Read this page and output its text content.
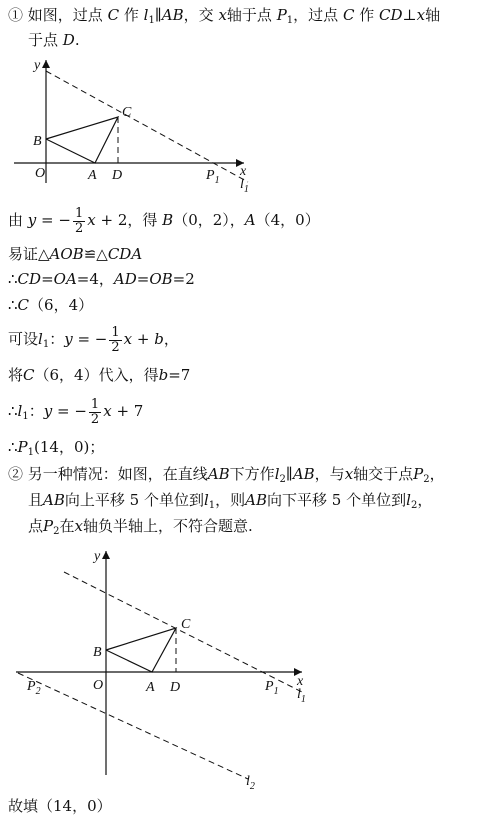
① 如图，过点 C 作 $l_1\parallel AB$，交 x轴于点 $P_1$，过点 C 作 CD⊥x轴
于点 D.
y
B
C
O	A D	$P_1$
x
$l_1$
由 y = − $\frac{1}{2}$ x + 2，得 B（0，2），A（4，0）
易证△AOB≌△CDA
∴CD=OA=4，AD=OB=2
∴C（6，4）
可设$l_1$：y = − $\frac{1}{2}$ x + b，
将C（6，4）代入，得b=7
$\therefore l_1$：y = − $\frac{1}{2}$ x + 7
$\therefore P_1(14$，0)；
② 另一种情况：如图，在直线AB下方作$l_2\parallel AB$，与x轴交于点$P_2$，
且AB向上平移 5 个单位到$l_1$，则AB向下平移 5 个单位到$l_2$，
点$P_2$在x轴负半轴上，不符合题意.
y
B
C
O	A D
$P_2$	$P_1$
x
$l_1$
$l_2$
故填（14，0）
